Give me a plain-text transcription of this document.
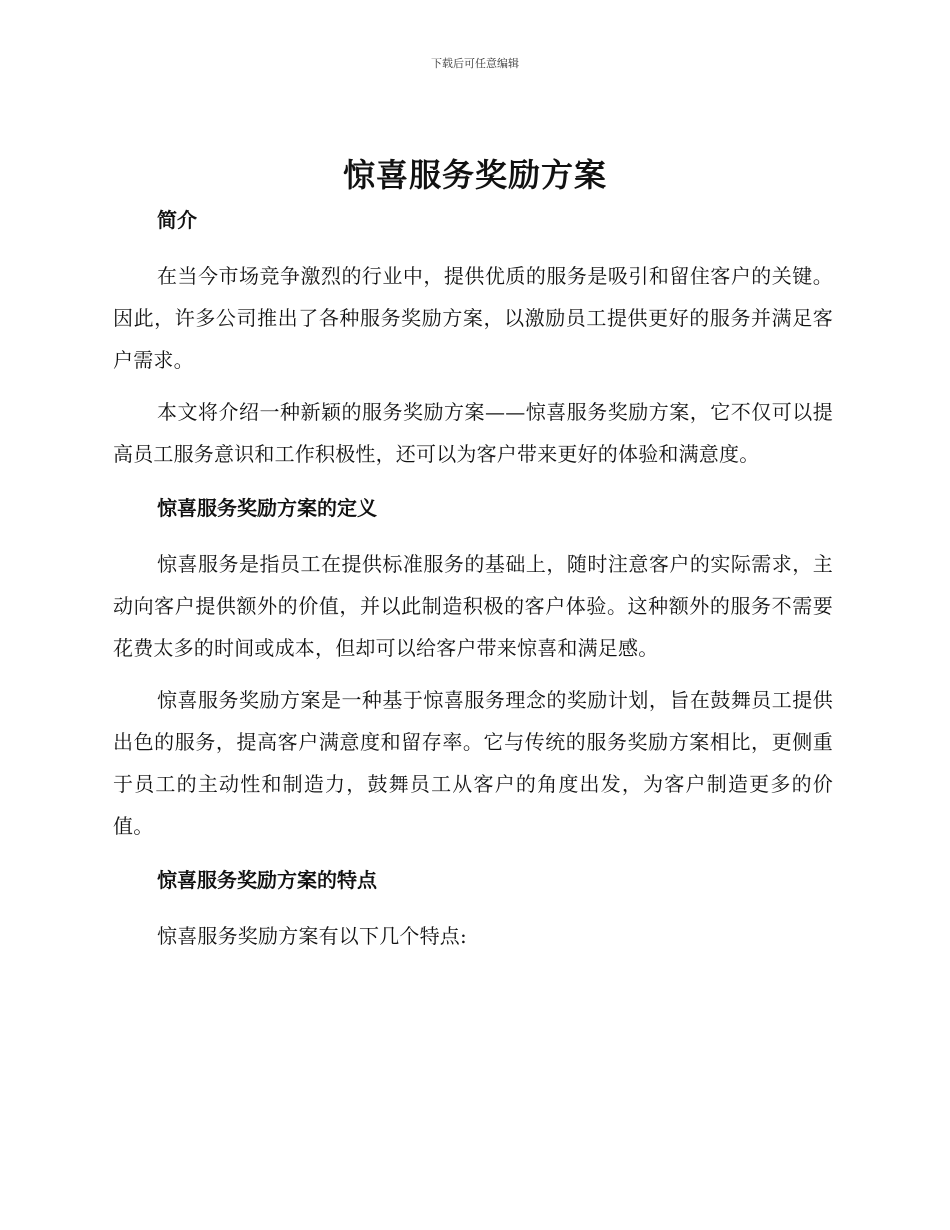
下载后可任意编辑
惊喜服务奖励方案
简介

在当今市场竞争激烈的行业中，提供优质的服务是吸引和留住客户的关键。因此，许多公司推出了各种服务奖励方案，以激励员工提供更好的服务并满足客户需求。

本文将介绍一种新颖的服务奖励方案——惊喜服务奖励方案，它不仅可以提高员工服务意识和工作积极性，还可以为客户带来更好的体验和满意度。

惊喜服务奖励方案的定义

惊喜服务是指员工在提供标准服务的基础上，随时注意客户的实际需求，主动向客户提供额外的价值，并以此制造积极的客户体验。这种额外的服务不需要花费太多的时间或成本，但却可以给客户带来惊喜和满足感。

惊喜服务奖励方案是一种基于惊喜服务理念的奖励计划，旨在鼓舞员工提供出色的服务，提高客户满意度和留存率。它与传统的服务奖励方案相比，更侧重于员工的主动性和制造力，鼓舞员工从客户的角度出发，为客户制造更多的价值。

惊喜服务奖励方案的特点

惊喜服务奖励方案有以下几个特点:
